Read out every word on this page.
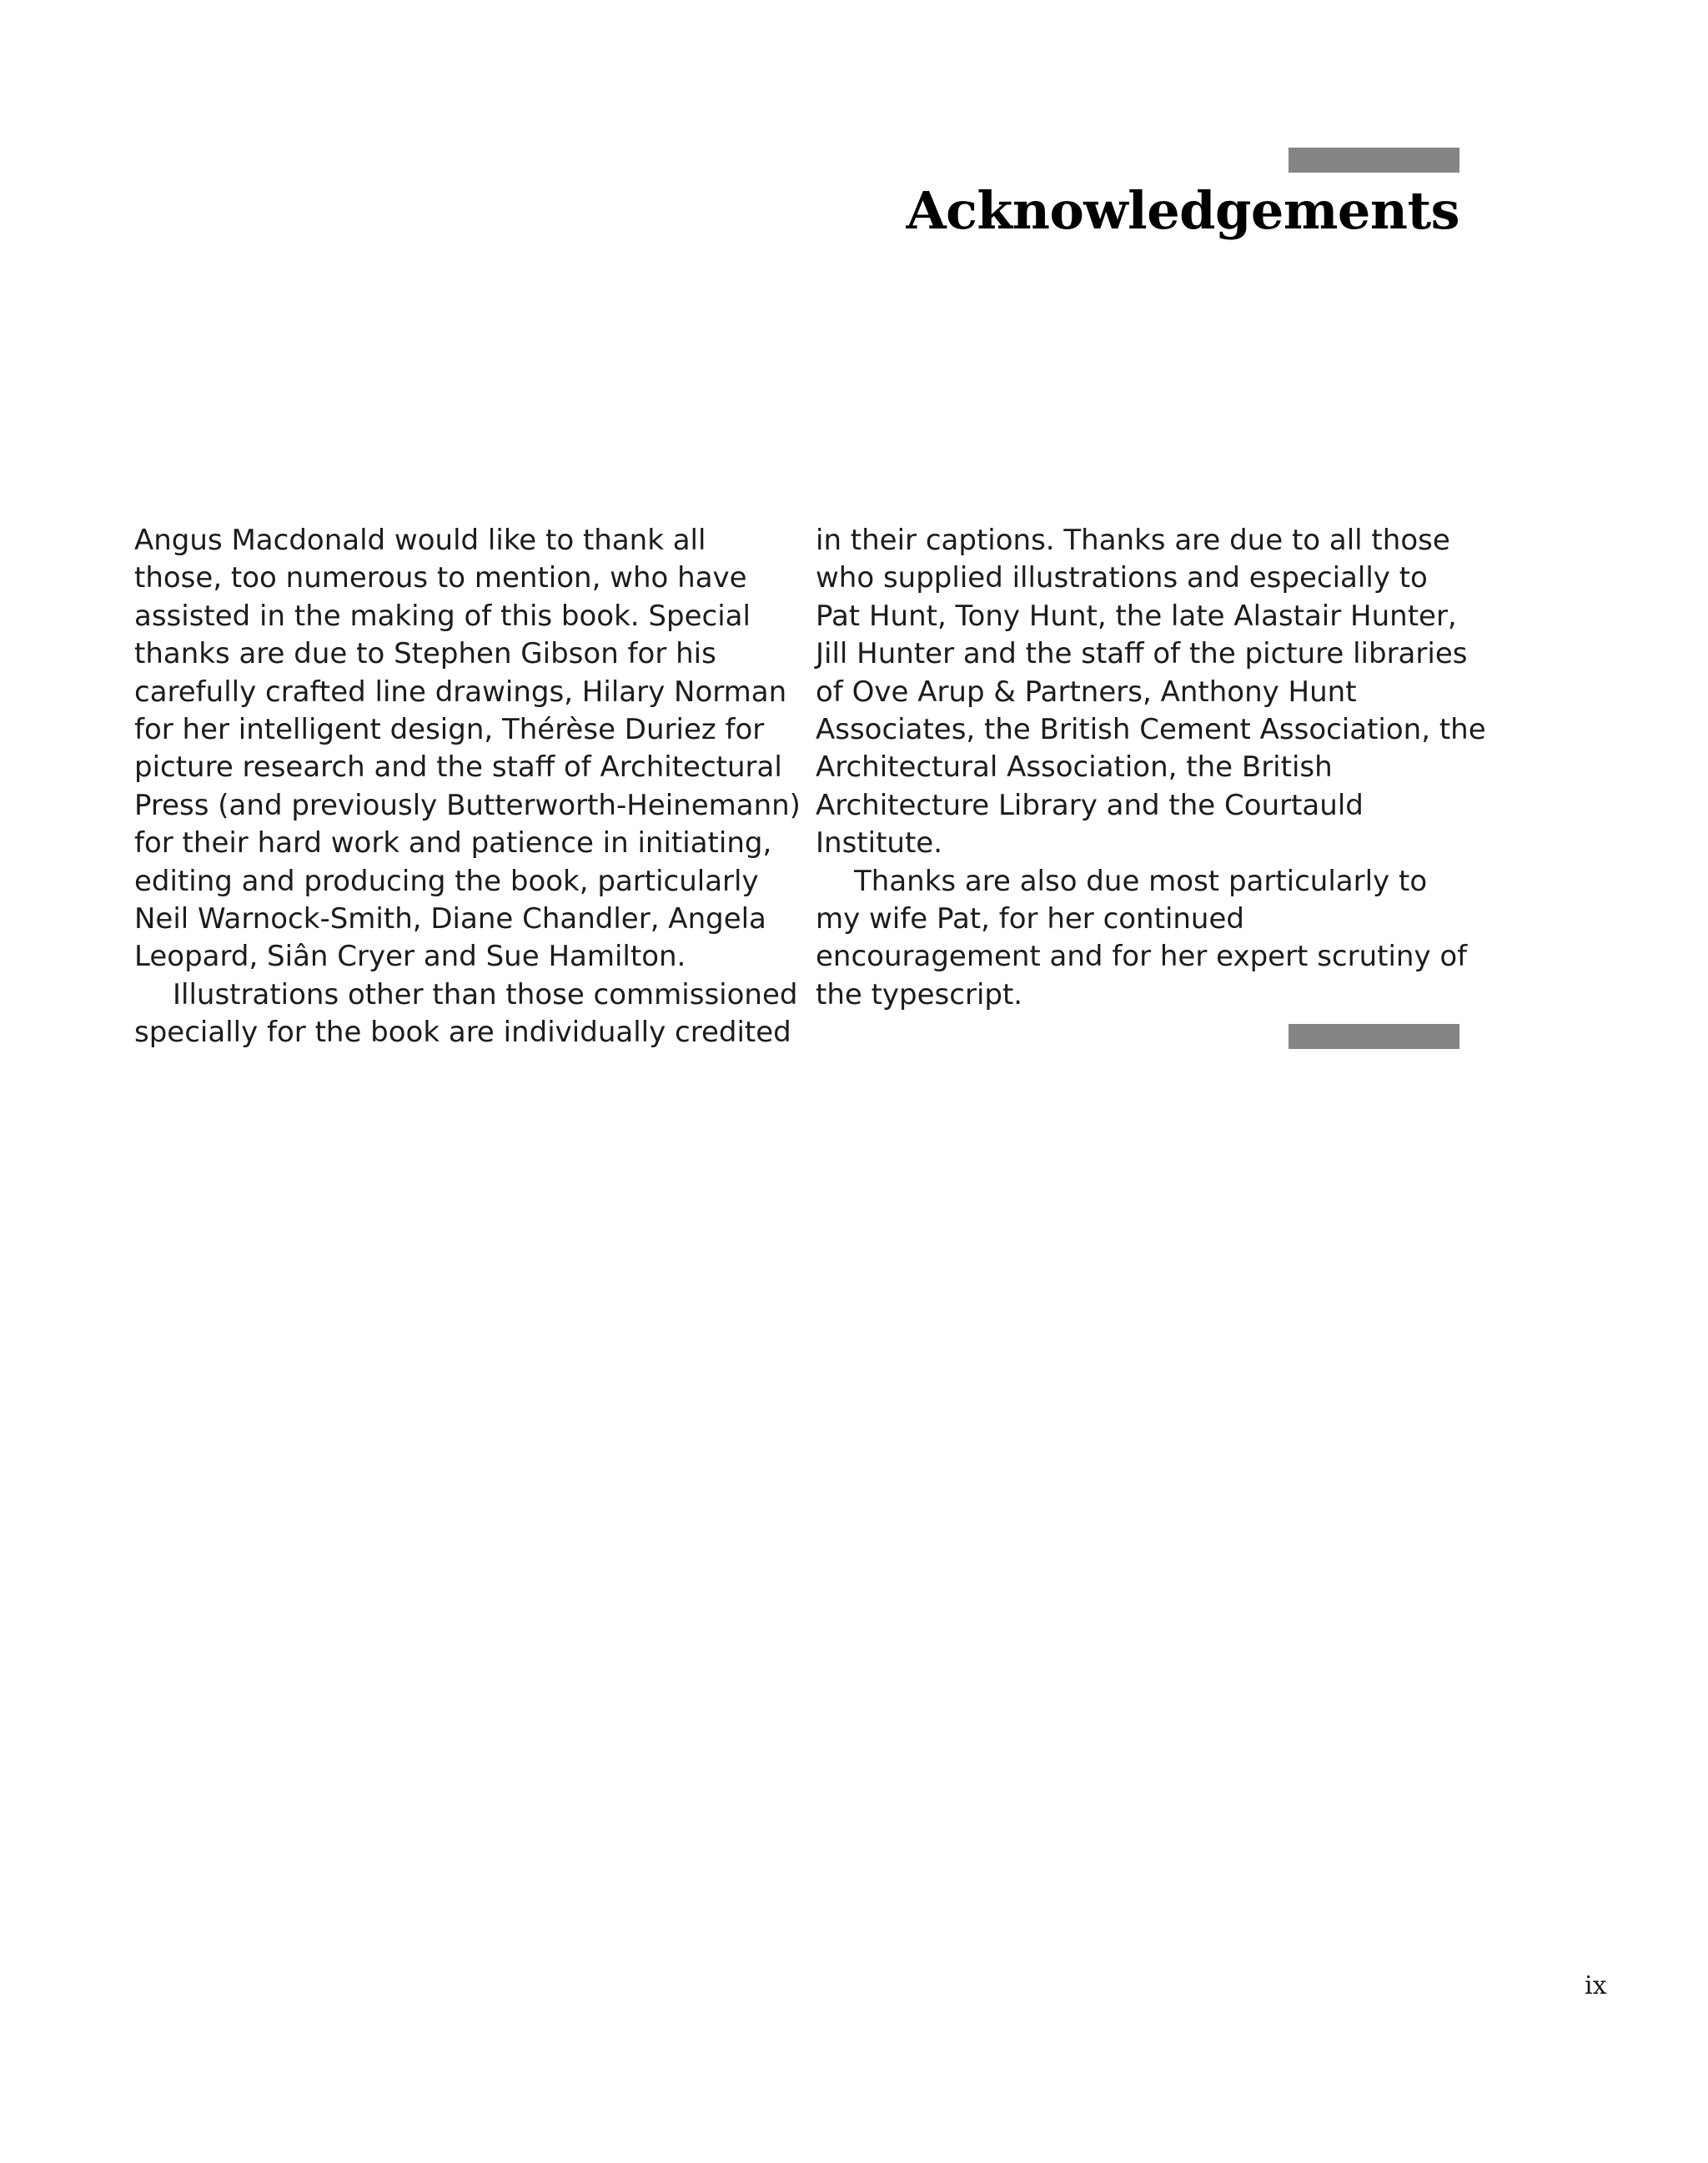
Acknowledgements
Angus Macdonald would like to thank all
those, too numerous to mention, who have
assisted in the making of this book. Special
thanks are due to Stephen Gibson for his
carefully crafted line drawings, Hilary Norman
for her intelligent design, Thérèse Duriez for
picture research and the staff of Architectural
Press (and previously Butterworth-Heinemann)
for their hard work and patience in initiating,
editing and producing the book, particularly
Neil Warnock-Smith, Diane Chandler, Angela
Leopard, Siân Cryer and Sue Hamilton.
Illustrations other than those commissioned
specially for the book are individually credited
in their captions. Thanks are due to all those
who supplied illustrations and especially to
Pat Hunt, Tony Hunt, the late Alastair Hunter,
Jill Hunter and the staff of the picture libraries
of Ove Arup & Partners, Anthony Hunt
Associates, the British Cement Association, the
Architectural Association, the British
Architecture Library and the Courtauld
Institute.
Thanks are also due most particularly to
my wife Pat, for her continued
encouragement and for her expert scrutiny of
the typescript.
ix
